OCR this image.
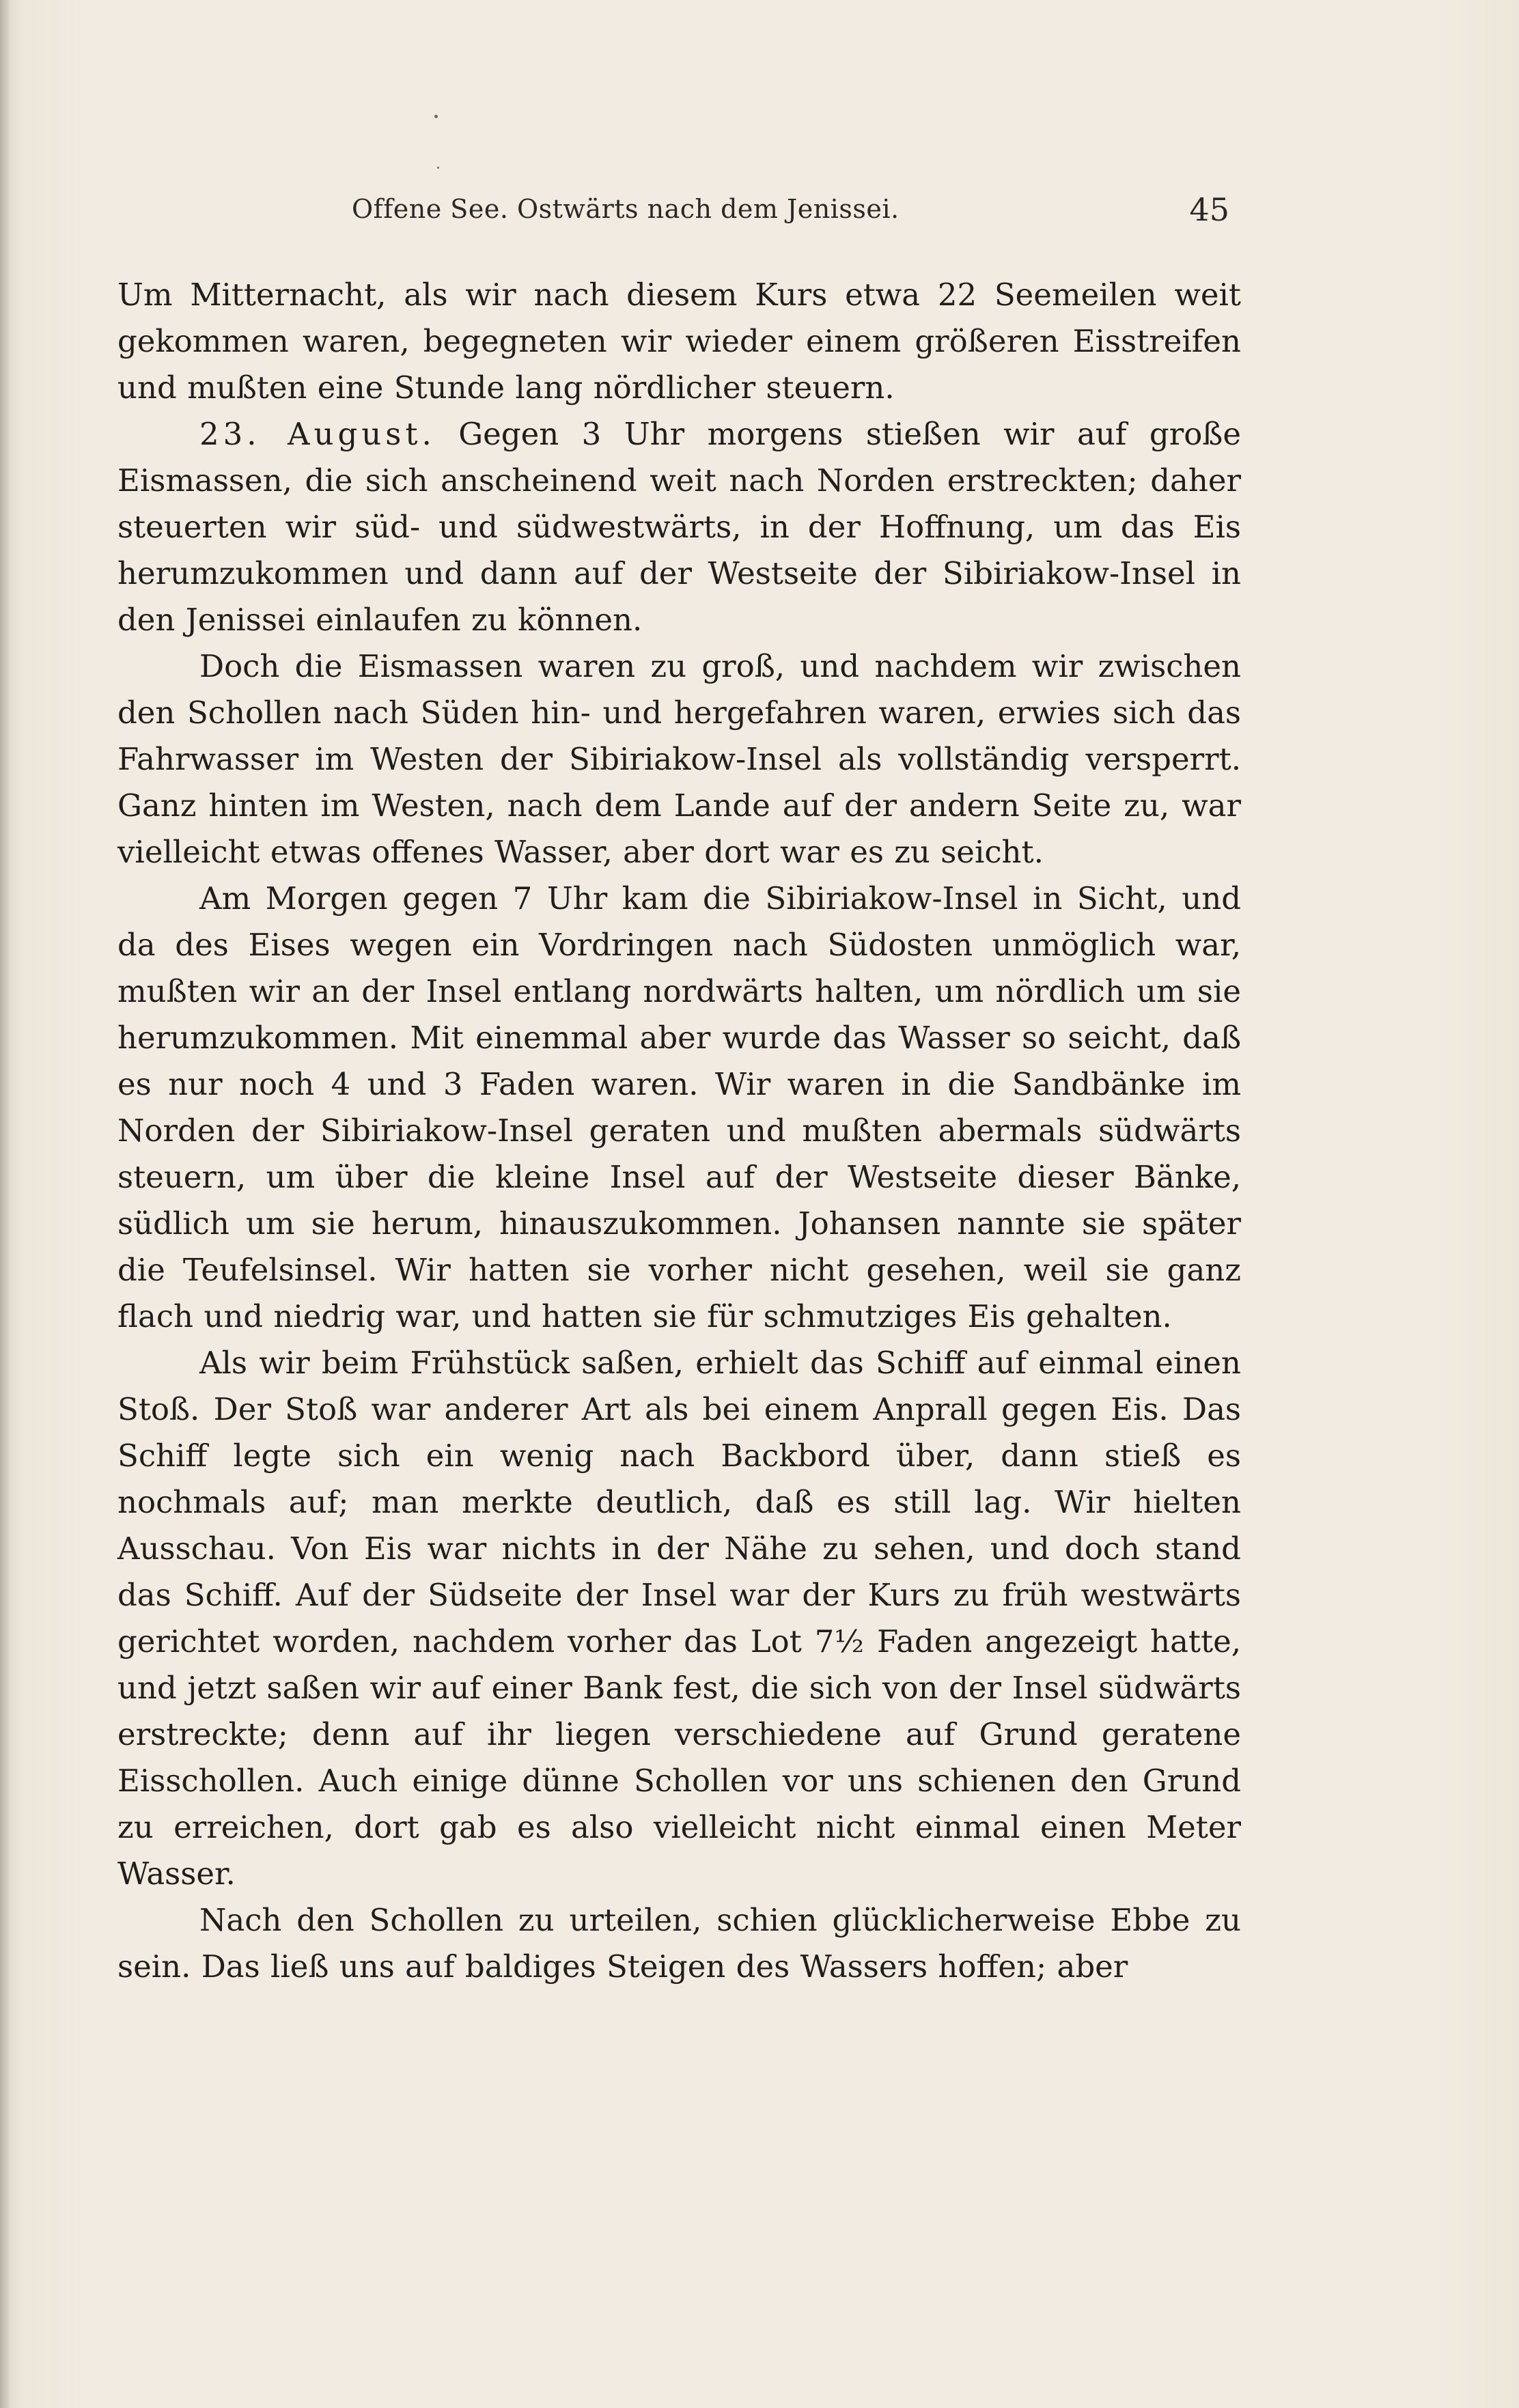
Offene See. Ostwärts nach dem Jenissei.	45

Um Mitternacht, als wir nach diesem Kurs etwa 22 Seemeilen weit gekommen waren, begegneten wir wieder einem größeren Eisstreifen und mußten eine Stunde lang nördlicher steuern.

23. August. Gegen 3 Uhr morgens stießen wir auf große Eismassen, die sich anscheinend weit nach Norden erstreckten; daher steuerten wir süd- und südwestwärts, in der Hoffnung, um das Eis herumzukommen und dann auf der Westseite der Sibiriakow-Insel in den Jenissei einlaufen zu können.

Doch die Eismassen waren zu groß, und nachdem wir zwischen den Schollen nach Süden hin- und hergefahren waren, erwies sich das Fahrwasser im Westen der Sibiriakow-Insel als vollständig versperrt. Ganz hinten im Westen, nach dem Lande auf der andern Seite zu, war vielleicht etwas offenes Wasser, aber dort war es zu seicht.

Am Morgen gegen 7 Uhr kam die Sibiriakow-Insel in Sicht, und da des Eises wegen ein Vordringen nach Südosten unmöglich war, mußten wir an der Insel entlang nordwärts halten, um nördlich um sie herumzukommen. Mit einemmal aber wurde das Wasser so seicht, daß es nur noch 4 und 3 Faden waren. Wir waren in die Sandbänke im Norden der Sibiriakow-Insel geraten und mußten abermals südwärts steuern, um über die kleine Insel auf der Westseite dieser Bänke, südlich um sie herum, hinauszukommen. Johansen nannte sie später die Teufelsinsel. Wir hatten sie vorher nicht gesehen, weil sie ganz flach und niedrig war, und hatten sie für schmutziges Eis gehalten.

Als wir beim Frühstück saßen, erhielt das Schiff auf einmal einen Stoß. Der Stoß war anderer Art als bei einem Anprall gegen Eis. Das Schiff legte sich ein wenig nach Backbord über, dann stieß es nochmals auf; man merkte deutlich, daß es still lag. Wir hielten Ausschau. Von Eis war nichts in der Nähe zu sehen, und doch stand das Schiff. Auf der Südseite der Insel war der Kurs zu früh westwärts gerichtet worden, nachdem vorher das Lot 7½ Faden angezeigt hatte, und jetzt saßen wir auf einer Bank fest, die sich von der Insel südwärts erstreckte; denn auf ihr liegen verschiedene auf Grund geratene Eisschollen. Auch einige dünne Schollen vor uns schienen den Grund zu erreichen, dort gab es also vielleicht nicht einmal einen Meter Wasser.

Nach den Schollen zu urteilen, schien glücklicherweise Ebbe zu sein. Das ließ uns auf baldiges Steigen des Wassers hoffen; aber
